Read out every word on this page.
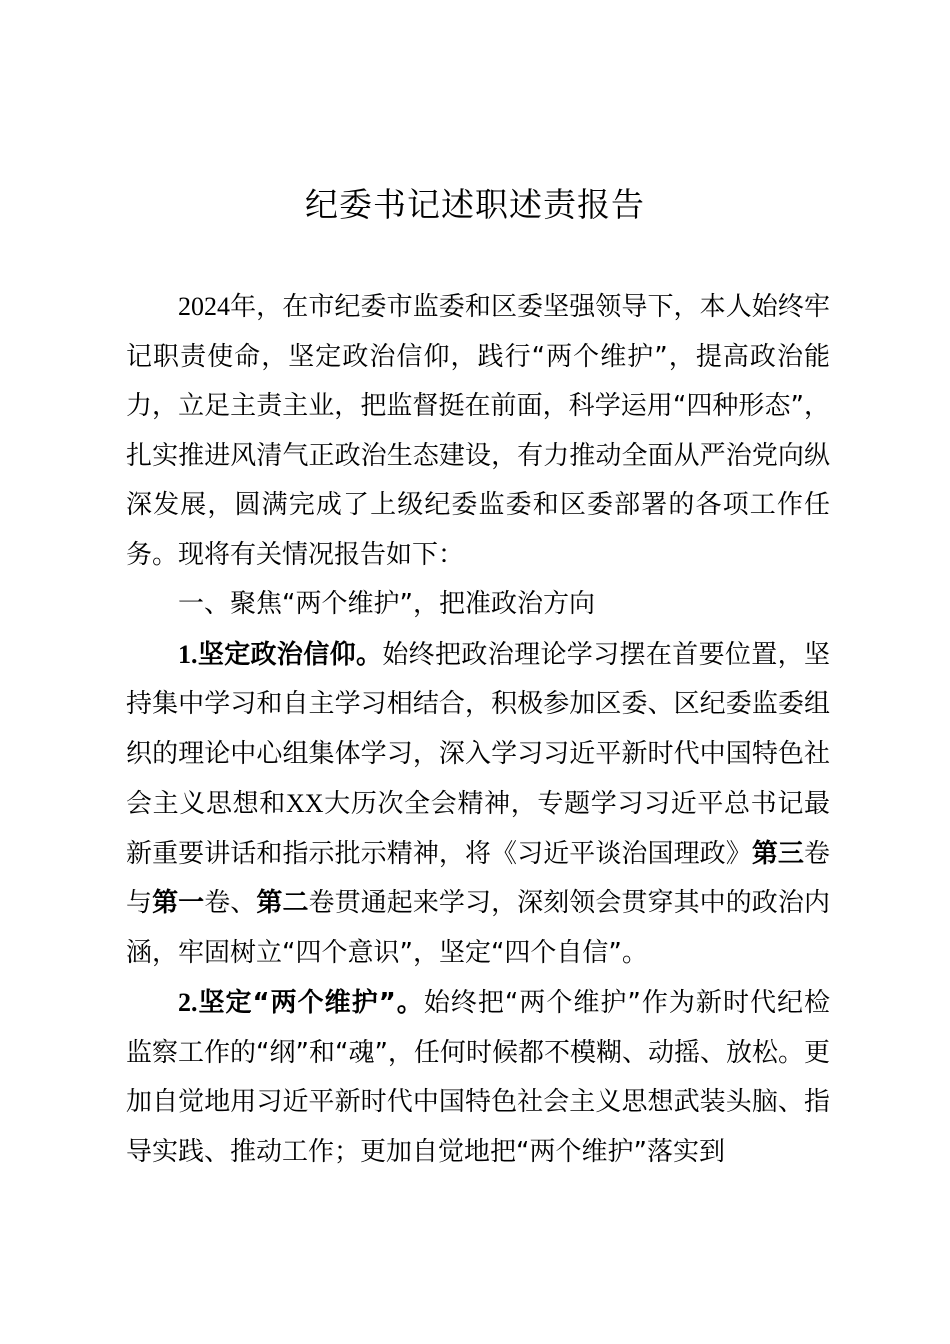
纪委书记述职述责报告

2024年，在市纪委市监委和区委坚强领导下，本人始终牢记职责使命，坚定政治信仰，践行“两个维护”，提高政治能力，立足主责主业，把监督挺在前面，科学运用“四种形态”，扎实推进风清气正政治生态建设，有力推动全面从严治党向纵深发展，圆满完成了上级纪委监委和区委部署的各项工作任务。现将有关情况报告如下：

一、聚焦“两个维护”，把准政治方向

1.坚定政治信仰。始终把政治理论学习摆在首要位置，坚持集中学习和自主学习相结合，积极参加区委、区纪委监委组织的理论中心组集体学习，深入学习习近平新时代中国特色社会主义思想和XX大历次全会精神，专题学习习近平总书记最新重要讲话和指示批示精神，将《习近平谈治国理政》第三卷与第一卷、第二卷贯通起来学习，深刻领会贯穿其中的政治内涵，牢固树立“四个意识”，坚定“四个自信”。

2.坚定“两个维护”。始终把“两个维护”作为新时代纪检监察工作的“纲”和“魂”，任何时候都不模糊、动摇、放松。更加自觉地用习近平新时代中国特色社会主义思想武装头脑、指导实践、推动工作；更加自觉地把“两个维护”落实到
